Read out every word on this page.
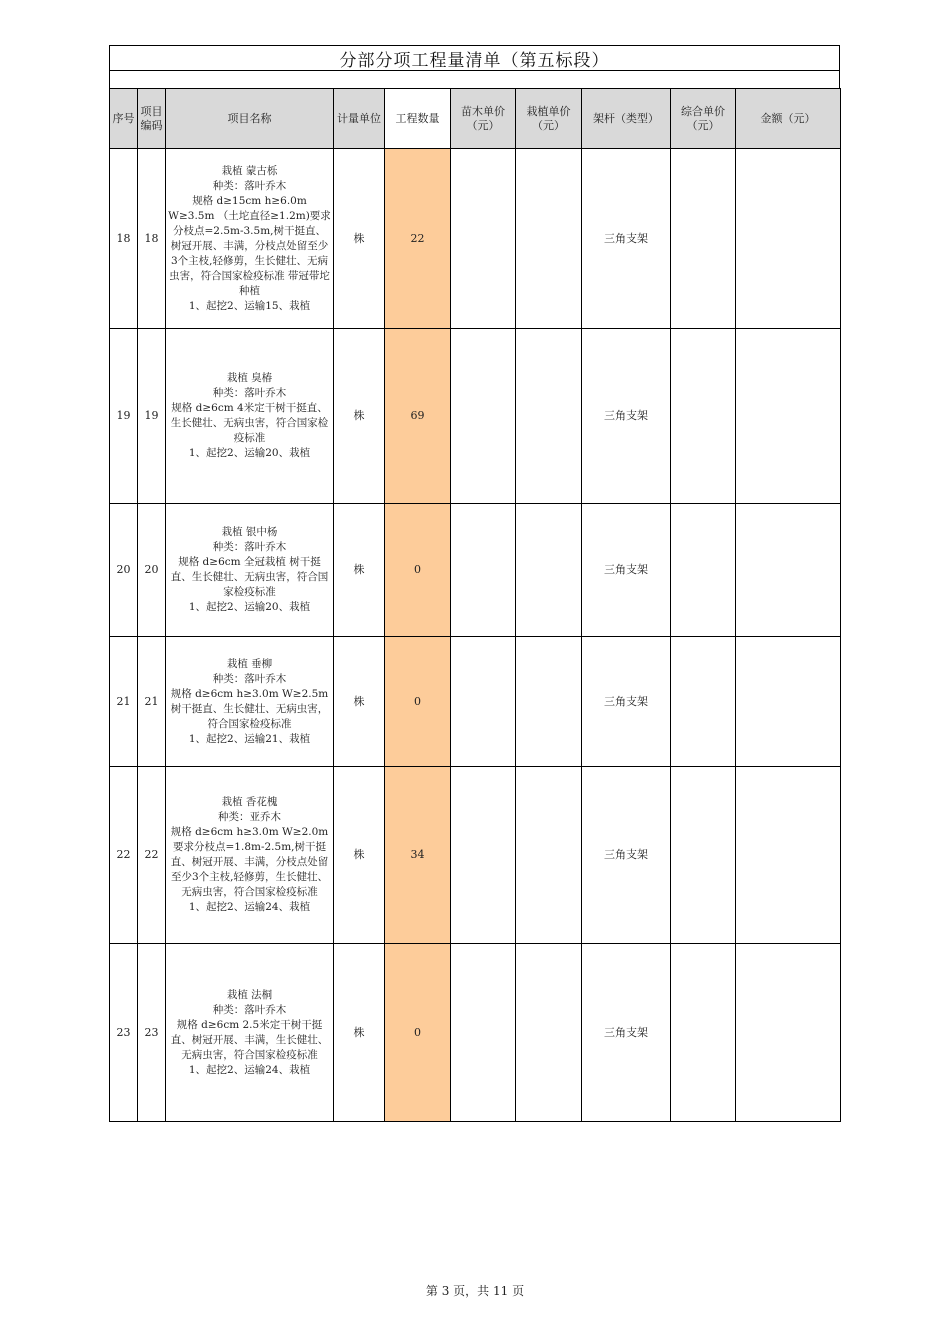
分部分项工程量清单（第五标段）
序号	项目编码	项目名称	计量单位	工程数量	苗木单价（元）	栽植单价（元）	架杆（类型）	综合单价（元）	金额（元）
18	18	栽植 蒙古栎
种类：落叶乔木
规格 d≥15cm h≥6.0m W≥3.5m （土坨直径≥1.2m)要求分枝点=2.5m-3.5m,树干挺直、树冠开展、丰满，分枝点处留至少3个主枝,轻修剪，生长健壮、无病虫害，符合国家检疫标准 带冠带坨种植
1、起挖2、运输15、栽植	株	22			三角支架		
19	19	栽植 臭椿
种类：落叶乔木
规格 d≥6cm 4米定干树干挺直、生长健壮、无病虫害，符合国家检疫标准
1、起挖2、运输20、栽植	株	69			三角支架		
20	20	栽植 银中杨
种类：落叶乔木
规格 d≥6cm 全冠栽植 树干挺直、生长健壮、无病虫害，符合国家检疫标准
1、起挖2、运输20、栽植	株	0			三角支架		
21	21	栽植 垂柳
种类：落叶乔木
规格 d≥6cm h≥3.0m W≥2.5m树干挺直、生长健壮、无病虫害，符合国家检疫标准
1、起挖2、运输21、栽植	株	0			三角支架		
22	22	栽植 香花槐
种类：亚乔木
规格 d≥6cm h≥3.0m W≥2.0m要求分枝点=1.8m-2.5m,树干挺直、树冠开展、丰满，分枝点处留至少3个主枝,轻修剪，生长健壮、无病虫害，符合国家检疫标准
1、起挖2、运输24、栽植	株	34			三角支架		
23	23	栽植 法桐
种类：落叶乔木
规格 d≥6cm 2.5米定干树干挺直、树冠开展、丰满，生长健壮、无病虫害，符合国家检疫标准
1、起挖2、运输24、栽植	株	0			三角支架		
第 3 页，共 11 页
